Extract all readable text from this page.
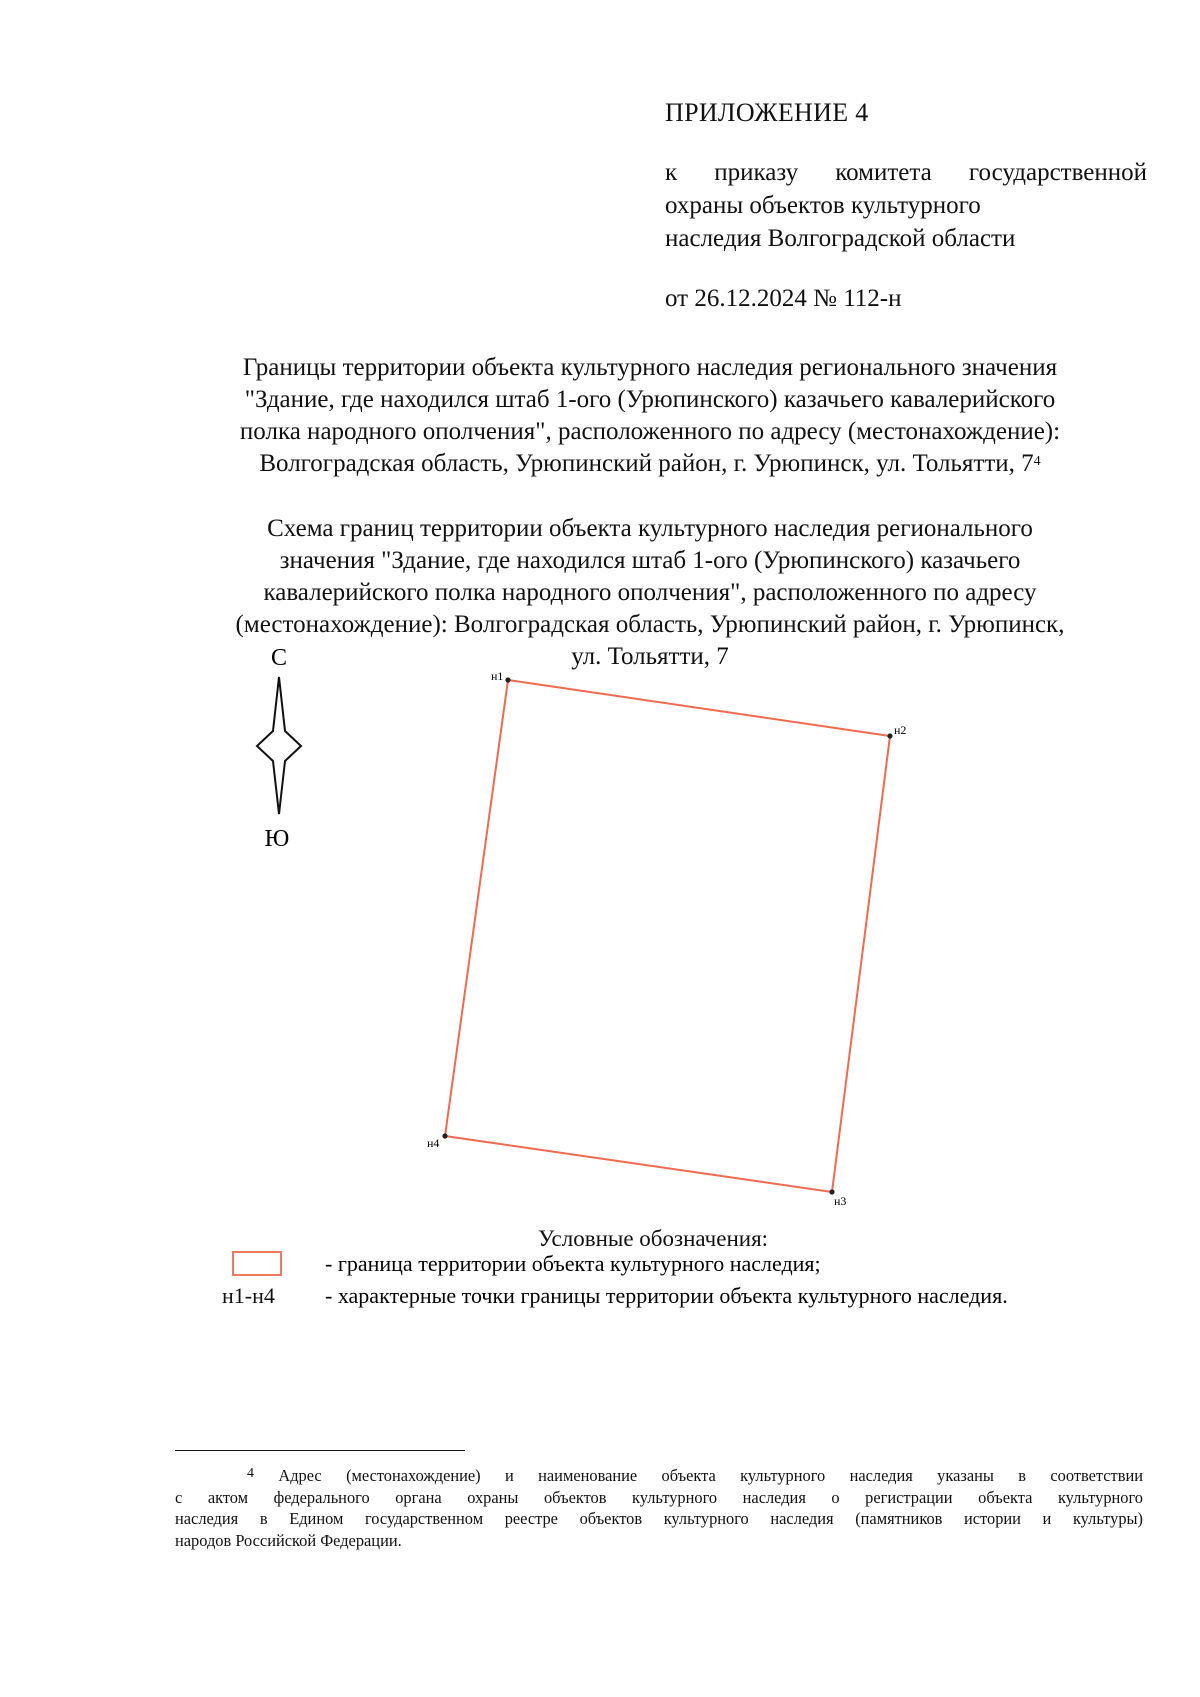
ПРИЛОЖЕНИЕ 4
к приказу комитета государственной
охраны объектов культурного
наследия Волгоградской области
от 26.12.2024 № 112-н
Границы территории объекта культурного наследия регионального значения
"Здание, где находился штаб 1-ого (Урюпинского) казачьего кавалерийского
полка народного ополчения", расположенного по адресу (местонахождение):
Волгоградская область, Урюпинский район, г. Урюпинск, ул. Тольятти, $7^4$
Схема границ территории объекта культурного наследия регионального
значения "Здание, где находился штаб 1-ого (Урюпинского) казачьего
кавалерийского полка народного ополчения", расположенного по адресу
(местонахождение): Волгоградская область, Урюпинский район, г. Урюпинск,
ул. Тольятти, 7
С
Ю
н1
н2
н3
н4
- граница территории объекта культурного наследия;
- характерные точки границы территории объекта культурного наследия.
Условные обозначения:
н1-н4
$^4$ Адрес (местонахождение) и наименование объекта культурного наследия указаны в соответствии
с актом федерального органа охраны объектов культурного наследия о регистрации объекта культурного
наследия в Едином государственном реестре объектов культурного наследия (памятников истории и культуры)
народов Российской Федерации.
